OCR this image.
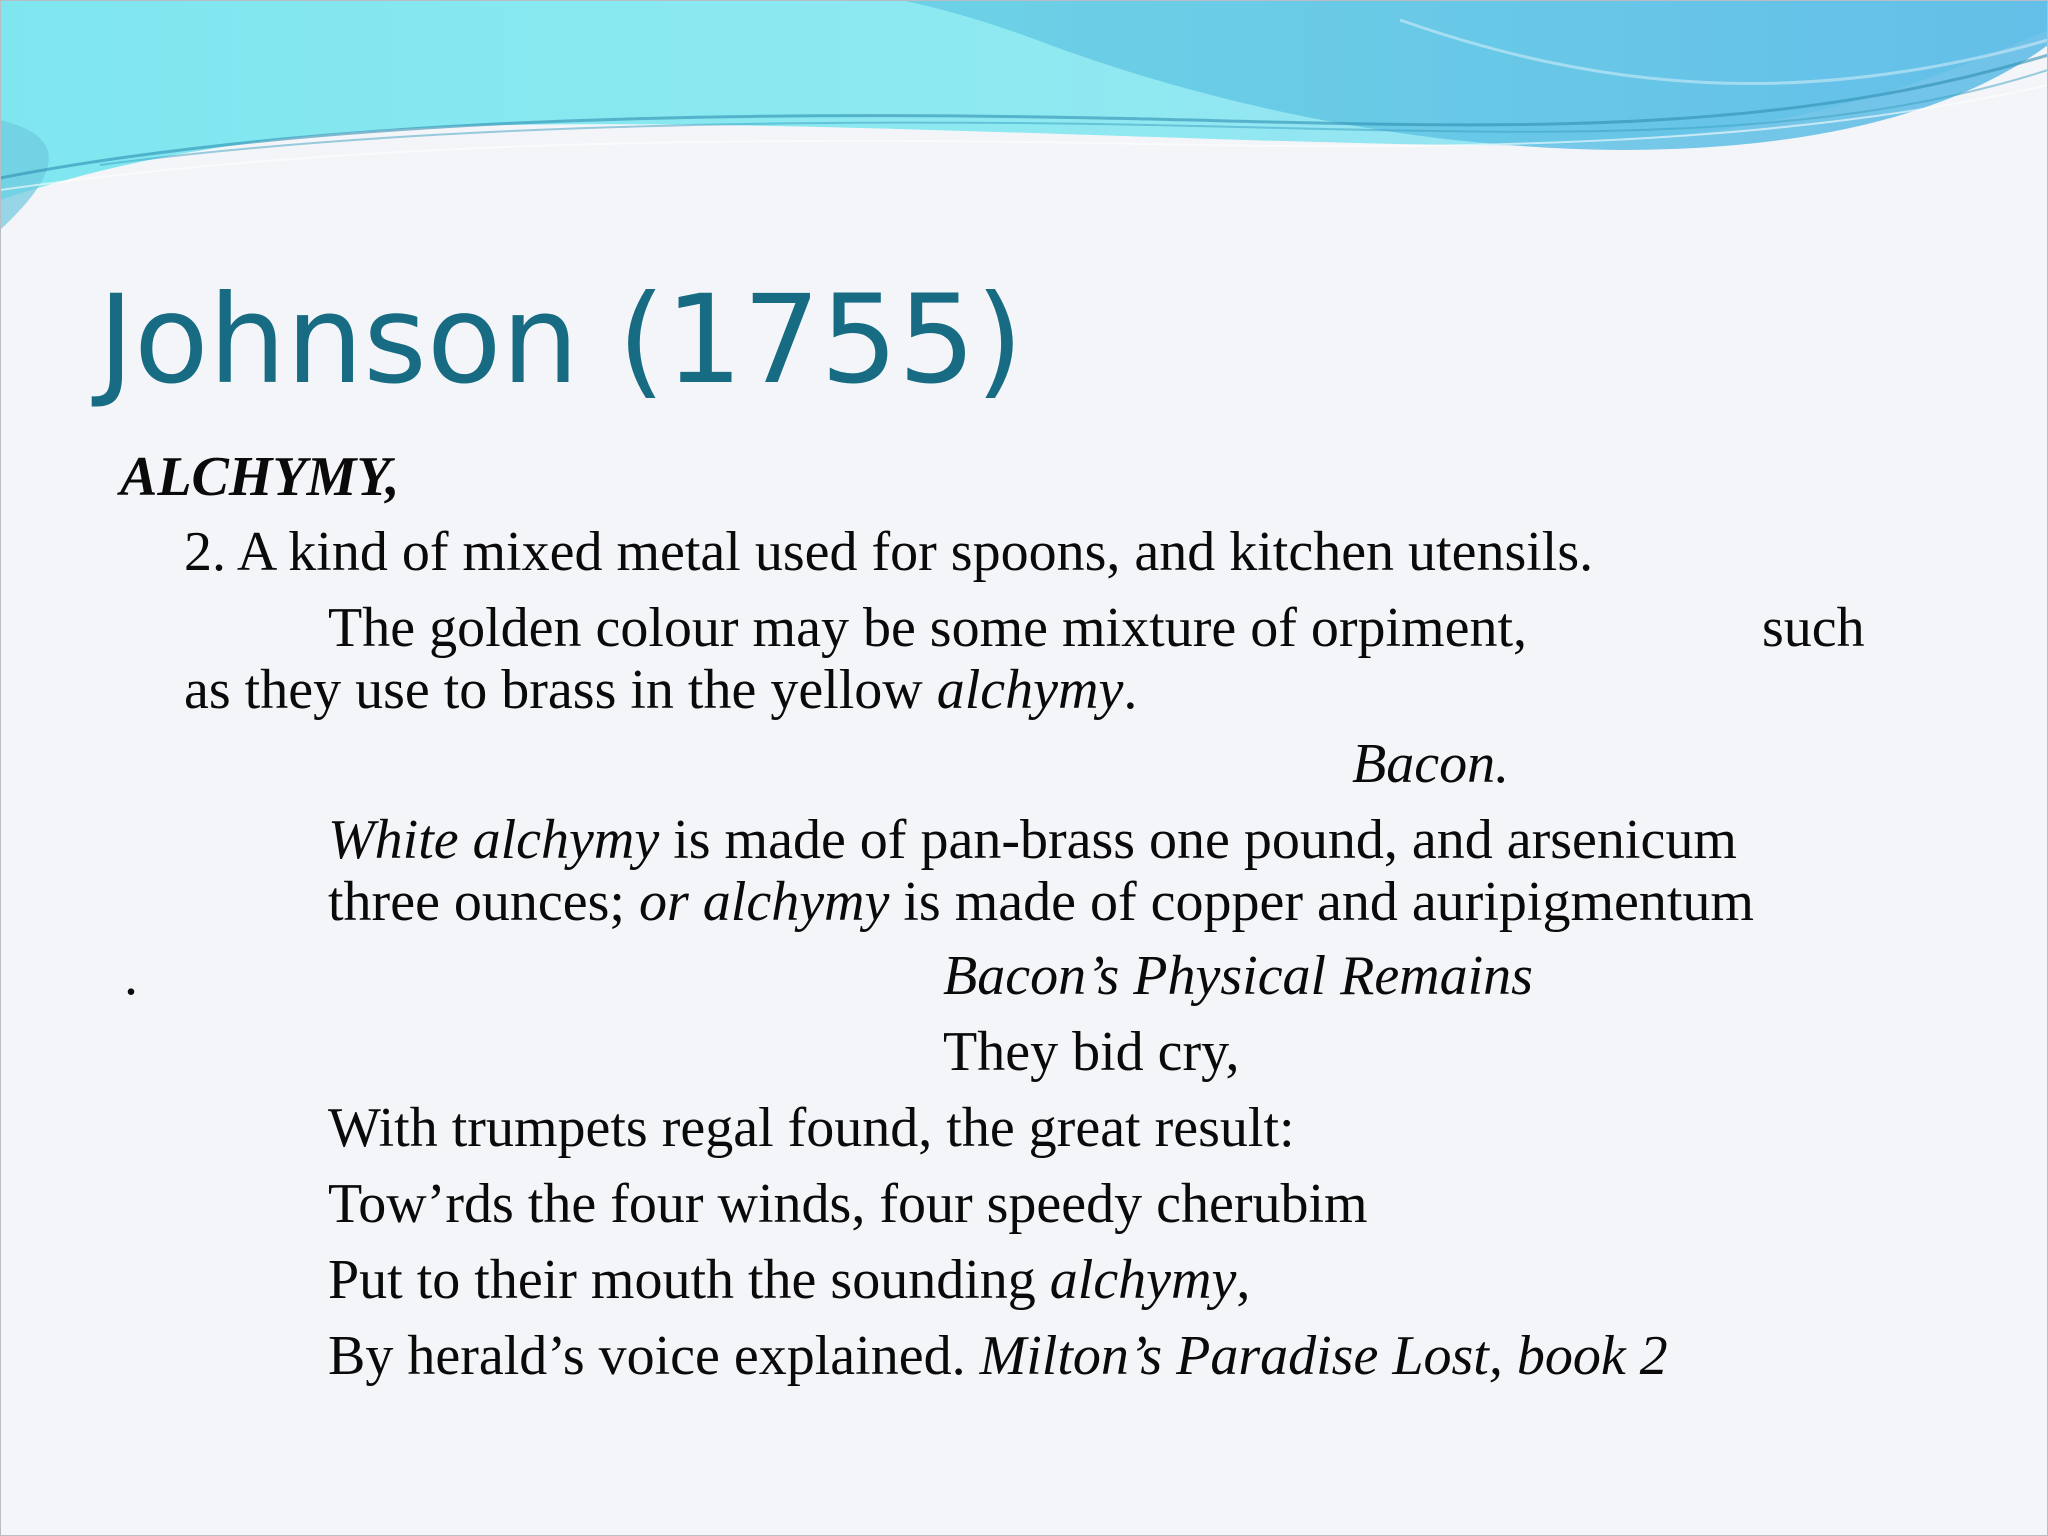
Johnson (1755)
ALCHYMY,
2. A kind of mixed metal used for spoons, and kitchen utensils.
The golden colour may be some mixture of orpiment,	such
as they use to brass in the yellow alchymy.
Bacon.
White alchymy is made of pan-brass one pound, and arsenicum
three ounces; or alchymy is made of copper and auripigmentum
.	Bacon’s Physical Remains
They bid cry,
With trumpets regal found, the great result:
Tow’rds the four winds, four speedy cherubim
Put to their mouth the sounding alchymy,
By herald’s voice explained. Milton’s Paradise Lost, book 2
